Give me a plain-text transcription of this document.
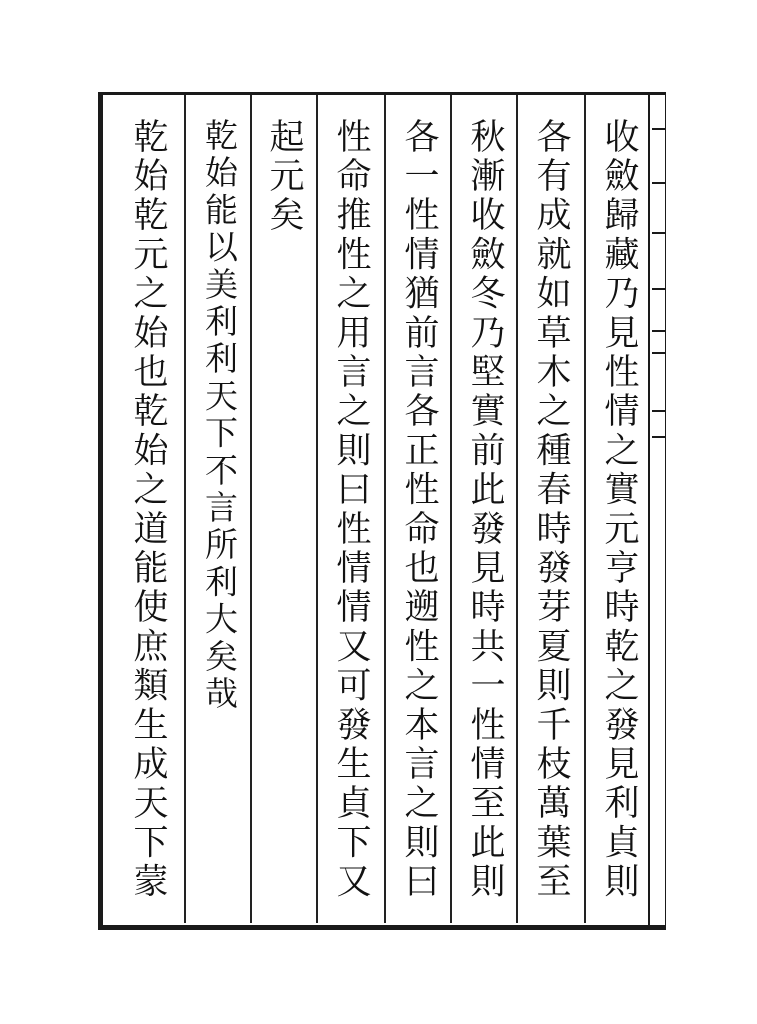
收斂歸藏乃見性情之實元亨時乾之發見利貞則
各有成就如草木之種春時發芽夏則千枝萬葉至
秋漸收斂冬乃堅實前此發見時共一性情至此則
各一性情猶前言各正性命也遡性之本言之則曰
性命推性之用言之則曰性情情又可發生貞下又
起元矣
乾始能以美利利天下不言所利大矣哉
乾始乾元之始也乾始之道能使庶類生成天下蒙
